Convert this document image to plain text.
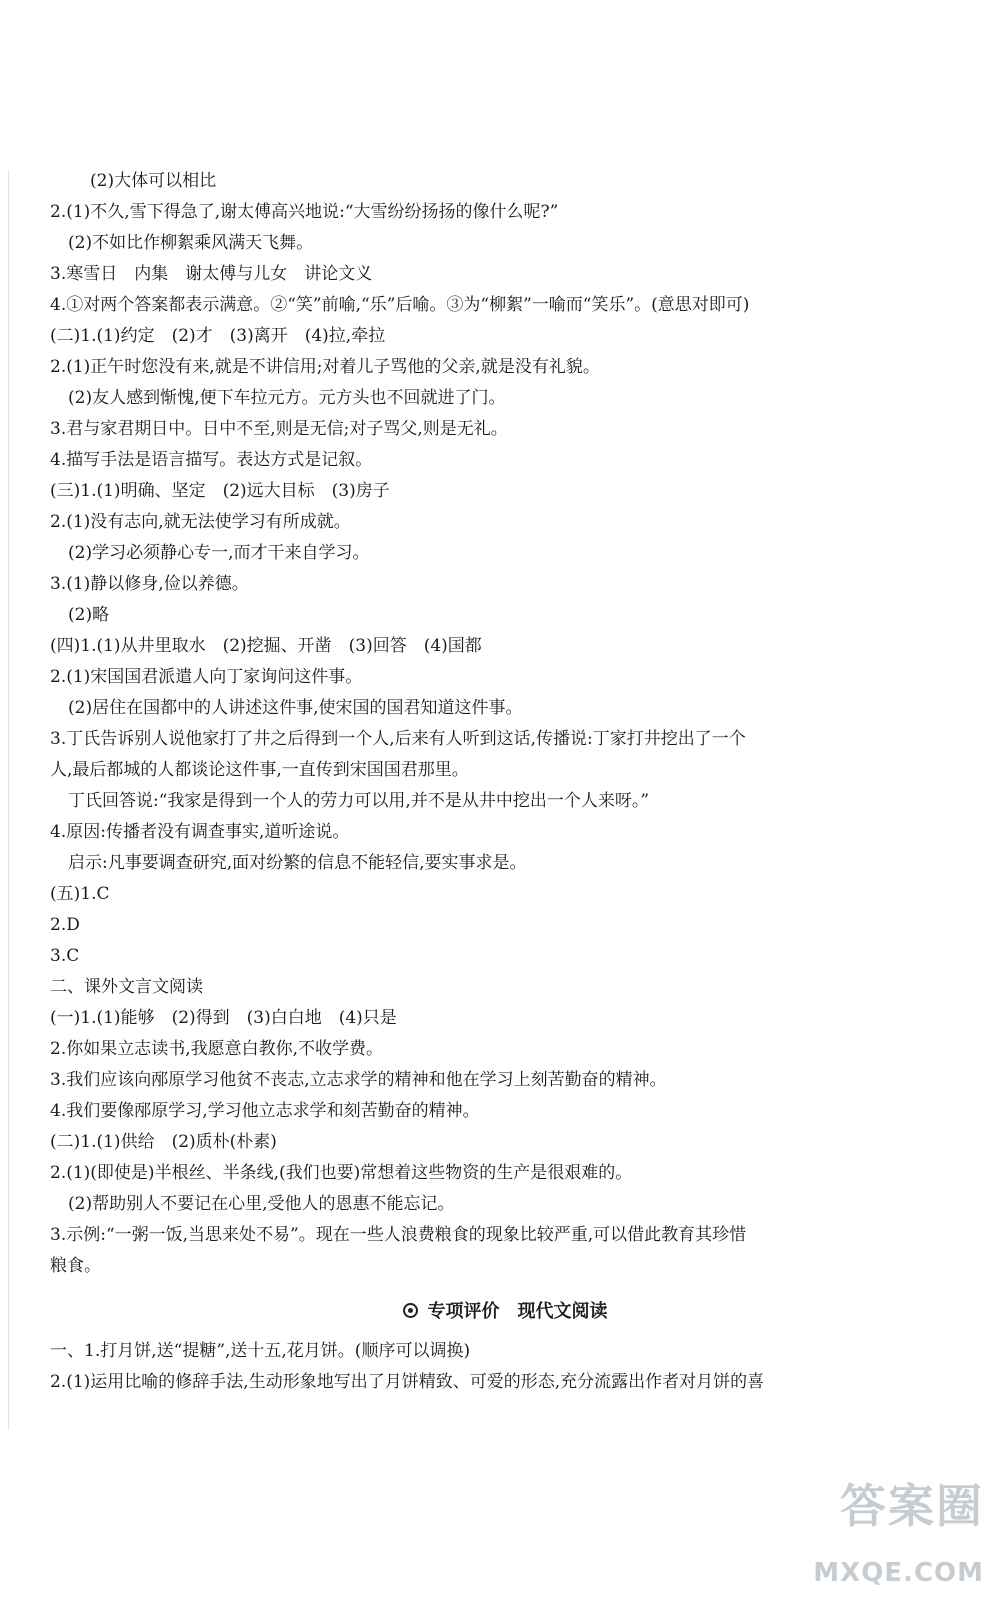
(2)大体可以相比
2.(1)不久,雪下得急了,谢太傅高兴地说:“大雪纷纷扬扬的像什么呢?”
(2)不如比作柳絮乘风满天飞舞。
3.寒雪日　内集　谢太傅与儿女　讲论文义
4.①对两个答案都表示满意。②“笑”前喻,“乐”后喻。③为“柳絮”一喻而“笑乐”。(意思对即可)
(二)1.(1)约定　(2)才　(3)离开　(4)拉,牵拉
2.(1)正午时您没有来,就是不讲信用;对着儿子骂他的父亲,就是没有礼貌。
(2)友人感到惭愧,便下车拉元方。元方头也不回就进了门。
3.君与家君期日中。日中不至,则是无信;对子骂父,则是无礼。
4.描写手法是语言描写。表达方式是记叙。
(三)1.(1)明确、坚定　(2)远大目标　(3)房子
2.(1)没有志向,就无法使学习有所成就。
(2)学习必须静心专一,而才干来自学习。
3.(1)静以修身,俭以养德。
(2)略
(四)1.(1)从井里取水　(2)挖掘、开凿　(3)回答　(4)国都
2.(1)宋国国君派遣人向丁家询问这件事。
(2)居住在国都中的人讲述这件事,使宋国的国君知道这件事。
3.丁氏告诉别人说他家打了井之后得到一个人,后来有人听到这话,传播说:丁家打井挖出了一个
人,最后都城的人都谈论这件事,一直传到宋国国君那里。
丁氏回答说:“我家是得到一个人的劳力可以用,并不是从井中挖出一个人来呀。”
4.原因:传播者没有调查事实,道听途说。
启示:凡事要调查研究,面对纷繁的信息不能轻信,要实事求是。
(五)1.C
2.D
3.C
二、课外文言文阅读
(一)1.(1)能够　(2)得到　(3)白白地　(4)只是
2.你如果立志读书,我愿意白教你,不收学费。
3.我们应该向邴原学习他贫不丧志,立志求学的精神和他在学习上刻苦勤奋的精神。
4.我们要像邴原学习,学习他立志求学和刻苦勤奋的精神。
(二)1.(1)供给　(2)质朴(朴素)
2.(1)(即使是)半根丝、半条线,(我们也要)常想着这些物资的生产是很艰难的。
(2)帮助别人不要记在心里,受他人的恩惠不能忘记。
3.示例:“一粥一饭,当思来处不易”。现在一些人浪费粮食的现象比较严重,可以借此教育其珍惜
粮食。
专项评价 现代文阅读
一、1.打月饼,送“提糖”,送十五,花月饼。(顺序可以调换)
2.(1)运用比喻的修辞手法,生动形象地写出了月饼精致、可爱的形态,充分流露出作者对月饼的喜
答案圈
MXQE.COM
